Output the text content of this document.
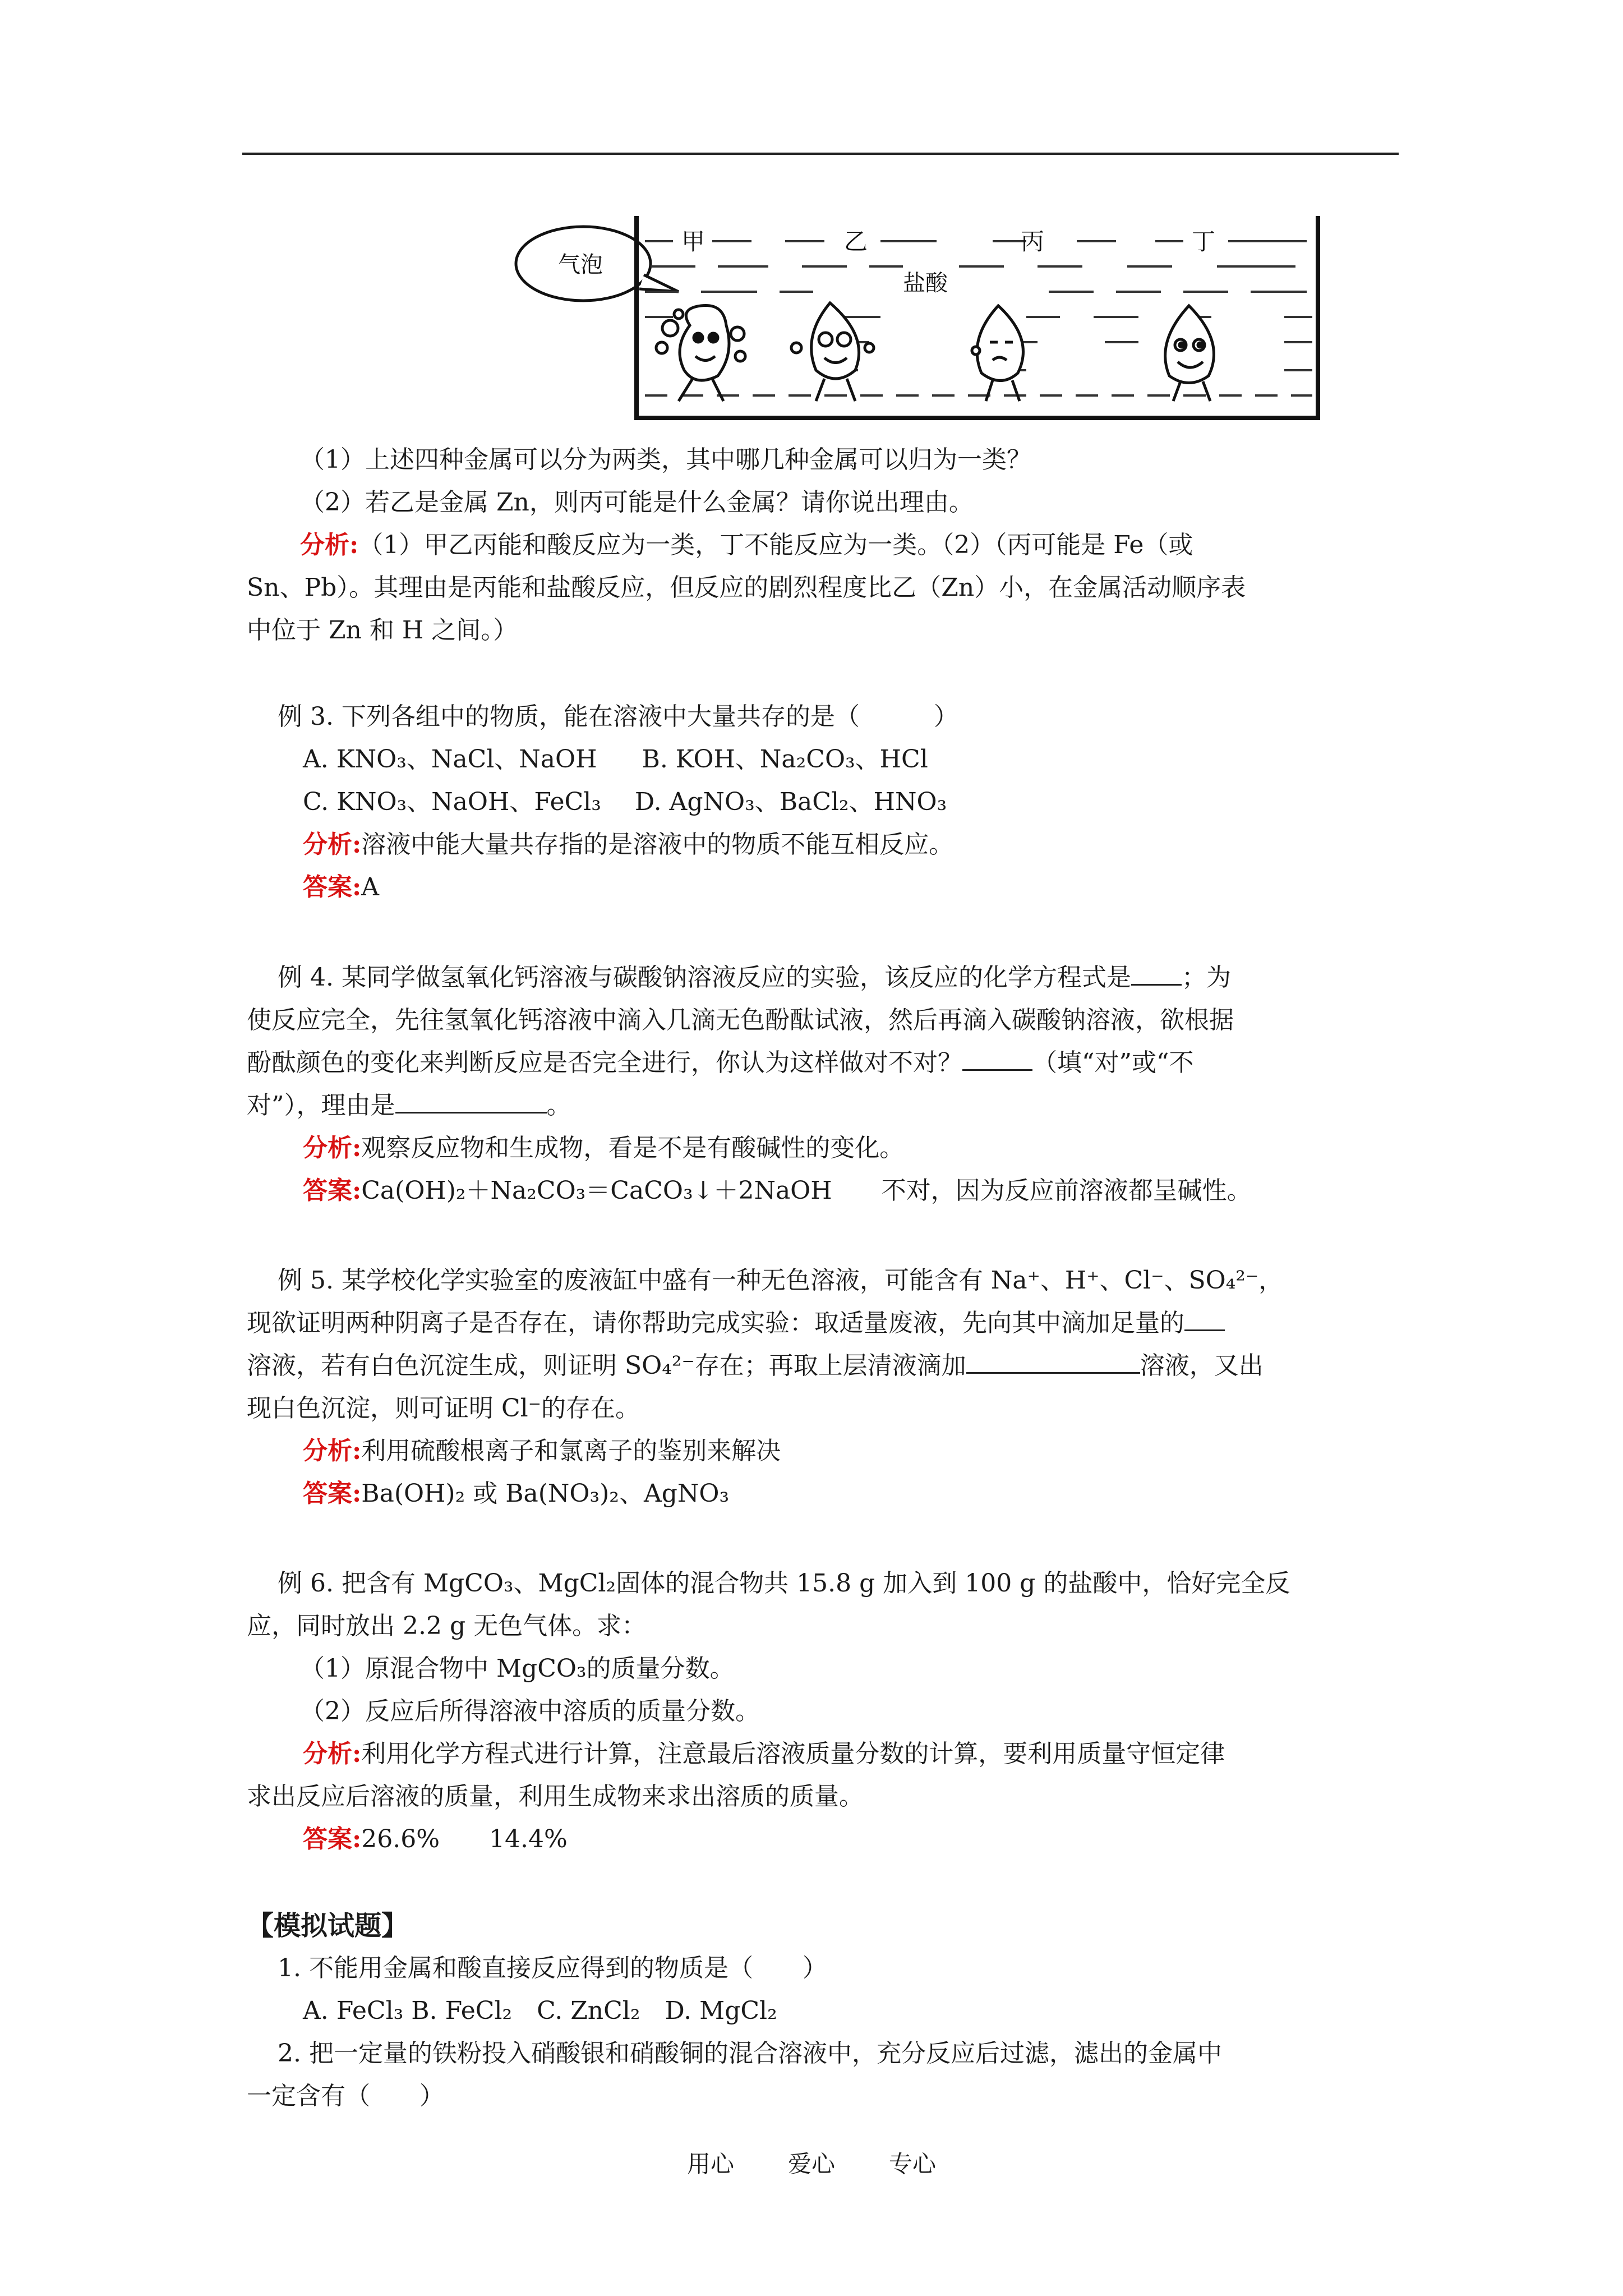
气泡
甲	乙	丙	丁
盐酸
（1）上述四种金属可以分为两类，其中哪几种金属可以归为一类？
（2）若乙是金属 Zn，则丙可能是什么金属？请你说出理由。
分析:（1）甲乙丙能和酸反应为一类，丁不能反应为一类。（2）（丙可能是 Fe（或
Sn、Pb）。其理由是丙能和盐酸反应，但反应的剧烈程度比乙（Zn）小，在金属活动顺序表
中位于 Zn 和 H 之间。）
例 3. 下列各组中的物质，能在溶液中大量共存的是（　　　）
A. KNO₃、NaCl、NaOH B. KOH、Na₂CO₃、HCl
C. KNO₃、NaOH、FeCl₃ D. AgNO₃、BaCl₂、HNO₃
分析:溶液中能大量共存指的是溶液中的物质不能互相反应。
答案:A
例 4. 某同学做氢氧化钙溶液与碳酸钠溶液反应的实验，该反应的化学方程式是 ；为
使反应完全，先往氢氧化钙溶液中滴入几滴无色酚酞试液，然后再滴入碳酸钠溶液，欲根据
酚酞颜色的变化来判断反应是否完全进行，你认为这样做对不对？	（填“对”或“不
对”），理由是	。
分析:观察反应物和生成物，看是不是有酸碱性的变化。
答案:Ca(OH)₂＋Na₂CO₃＝CaCO₃↓＋2NaOH　　不对，因为反应前溶液都呈碱性。
例 5. 某学校化学实验室的废液缸中盛有一种无色溶液，可能含有 Na⁺、H⁺、Cl⁻、SO₄²⁻，
现欲证明两种阴离子是否存在，请你帮助完成实验：取适量废液，先向其中滴加足量的
溶液，若有白色沉淀生成，则证明 SO₄²⁻存在；再取上层清液滴加	溶液，又出
现白色沉淀，则可证明 Cl⁻的存在。
分析:利用硫酸根离子和氯离子的鉴别来解决
答案:Ba(OH)₂ 或 Ba(NO₃)₂、AgNO₃
例 6. 把含有 MgCO₃、MgCl₂固体的混合物共 15.8 g 加入到 100 g 的盐酸中，恰好完全反
应，同时放出 2.2 g 无色气体。求：
（1）原混合物中 MgCO₃的质量分数。
（2）反应后所得溶液中溶质的质量分数。
分析:利用化学方程式进行计算，注意最后溶液质量分数的计算，要利用质量守恒定律
求出反应后溶液的质量，利用生成物来求出溶质的质量。
答案:26.6%　　14.4%
【模拟试题】
1. 不能用金属和酸直接反应得到的物质是（　　）
A. FeCl₃ B. FeCl₂　C. ZnCl₂　D. MgCl₂
2. 把一定量的铁粉投入硝酸银和硝酸铜的混合溶液中，充分反应后过滤，滤出的金属中
一定含有（　　）
用心 爱心 专心
